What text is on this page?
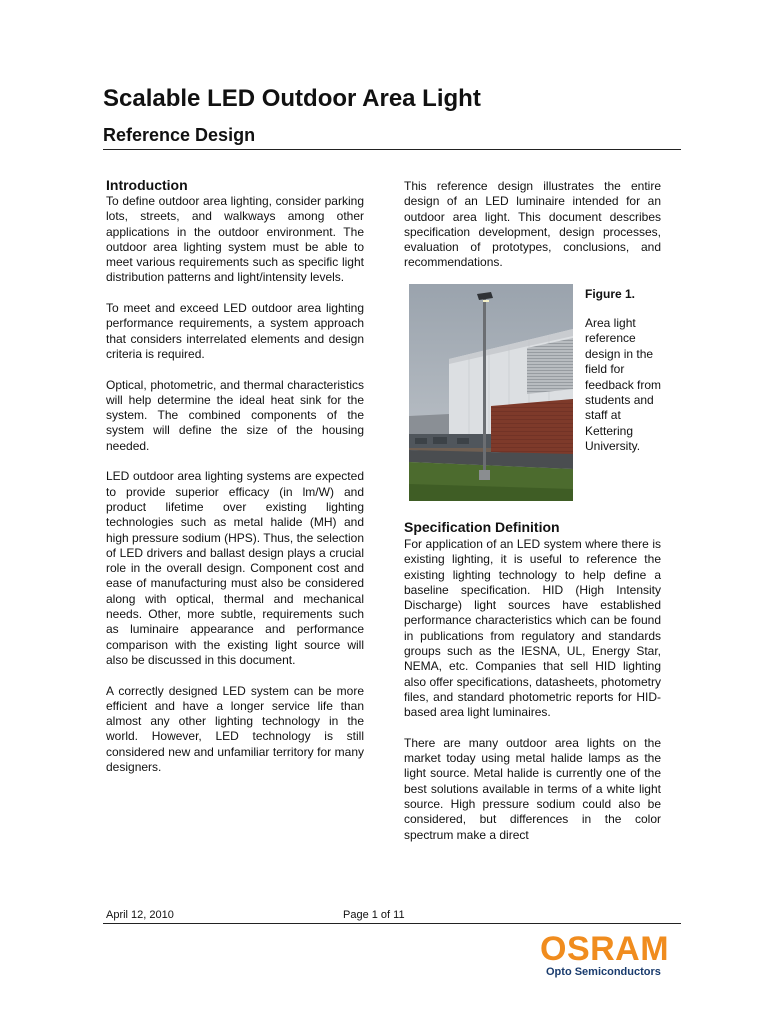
Scalable LED Outdoor Area Light
Reference Design
Introduction

To define outdoor area lighting, consider parking lots, streets, and walkways among other applications in the outdoor environment. The outdoor area lighting system must be able to meet various requirements such as specific light distribution patterns and light/intensity levels.

To meet and exceed LED outdoor area lighting performance requirements, a system approach that considers interrelated elements and design criteria is required.

Optical, photometric, and thermal characteristics will help determine the ideal heat sink for the system. The combined components of the system will define the size of the housing needed.

LED outdoor area lighting systems are expected to provide superior efficacy (in lm/W) and product lifetime over existing lighting technologies such as metal halide (MH) and high pressure sodium (HPS). Thus, the selection of LED drivers and ballast design plays a crucial role in the overall design. Component cost and ease of manufacturing must also be considered along with optical, thermal and mechanical needs. Other, more subtle, requirements such as luminaire appearance and performance comparison with the existing light source will also be discussed in this document.

A correctly designed LED system can be more efficient and have a longer service life than almost any other lighting technology in the world. However, LED technology is still considered new and unfamiliar territory for many designers.

This reference design illustrates the entire design of an LED luminaire intended for an outdoor area light. This document describes specification development, design processes, evaluation of prototypes, conclusions, and recommendations.

Figure 1.

Area light reference design in the field for feedback from students and staff at Kettering University.

Specification Definition

For application of an LED system where there is existing lighting, it is useful to reference the existing lighting technology to help define a baseline specification. HID (High Intensity Discharge) light sources have established performance characteristics which can be found in publications from regulatory and standards groups such as the IESNA, UL, Energy Star, NEMA, etc. Companies that sell HID lighting also offer specifications, datasheets, photometry files, and standard photometric reports for HID-based area light luminaires.

There are many outdoor area lights on the market today using metal halide lamps as the light source. Metal halide is currently one of the best solutions available in terms of a white light source. High pressure sodium could also be considered, but differences in the color spectrum make a direct

April 12, 2010	Page 1 of 11
OSRAM
Opto Semiconductors
